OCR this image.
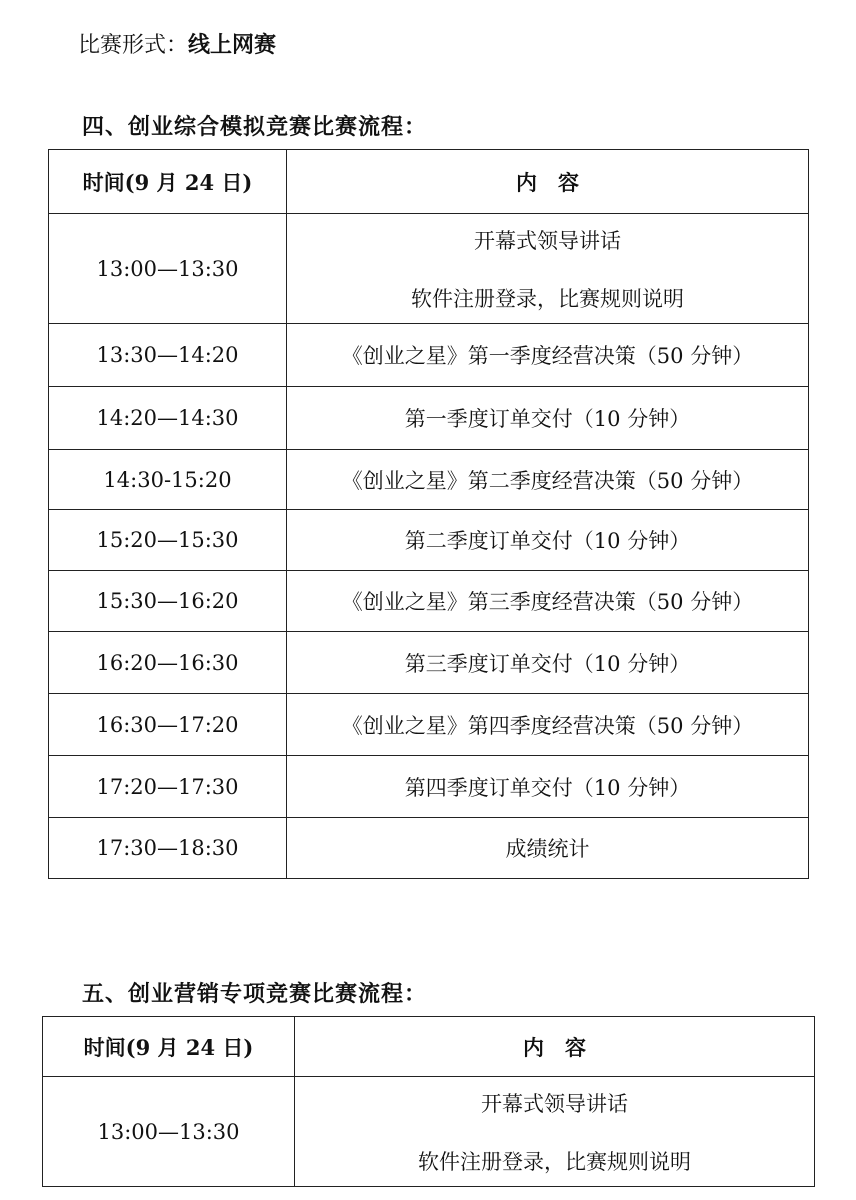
比赛形式：线上网赛
四、创业综合模拟竞赛比赛流程：
时间(9 月 24 日)	内　容
13:00—13:30	开幕式领导讲话
软件注册登录，比赛规则说明

13:30—14:20	《创业之星》第一季度经营决策（50 分钟）
14:20—14:30	第一季度订单交付（10 分钟）
14:30-15:20	《创业之星》第二季度经营决策（50 分钟）
15:20—15:30	第二季度订单交付（10 分钟）
15:30—16:20	《创业之星》第三季度经营决策（50 分钟）
16:20—16:30	第三季度订单交付（10 分钟）
16:30—17:20	《创业之星》第四季度经营决策（50 分钟）
17:20—17:30	第四季度订单交付（10 分钟）
17:30—18:30	成绩统计
五、创业营销专项竞赛比赛流程：
时间(9 月 24 日)	内　容
13:00—13:30	开幕式领导讲话
软件注册登录，比赛规则说明
